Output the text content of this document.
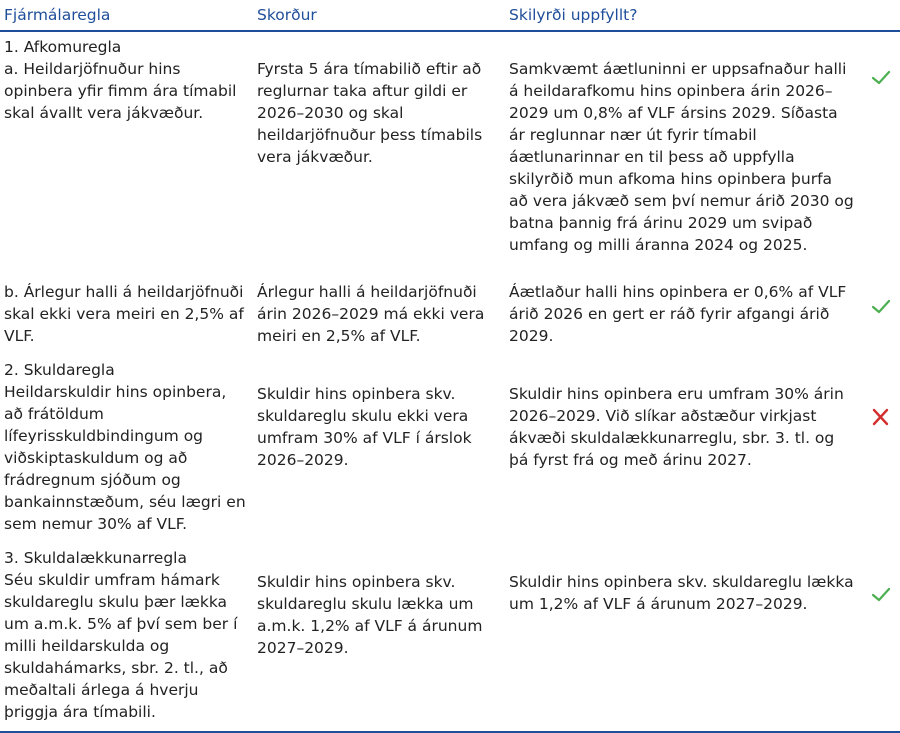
Fjármálaregla	Skorður	Skilyrði uppfyllt?
1. Afkomuregla
a. Heildarjöfnuður hins opinbera yfir fimm ára tímabil skal ávallt vera jákvæður.
Fyrsta 5 ára tímabilið eftir að reglurnar taka aftur gildi er 2026–2030 og skal heildarjöfnuður þess tímabils vera jákvæður.
Samkvæmt áætluninni er uppsafnaður halli á heildarafkomu hins opinbera árin 2026–2029 um 0,8% af VLF ársins 2029. Síðasta ár reglunnar nær út fyrir tímabil áætlunarinnar en til þess að uppfylla skilyrðið mun afkoma hins opinbera þurfa að vera jákvæð sem því nemur árið 2030 og batna þannig frá árinu 2029 um svipað umfang og milli áranna 2024 og 2025.
b. Árlegur halli á heildarjöfnuði skal ekki vera meiri en 2,5% af VLF.
Árlegur halli á heildarjöfnuði árin 2026–2029 má ekki vera meiri en 2,5% af VLF.
Áætlaður halli hins opinbera er 0,6% af VLF árið 2026 en gert er ráð fyrir afgangi árið 2029.
2. Skuldaregla
Heildarskuldir hins opinbera, að frátöldum lífeyrisskuldbindingum og viðskiptaskuldum og að frádregnum sjóðum og bankainnstæðum, séu lægri en sem nemur 30% af VLF.
Skuldir hins opinbera skv. skuldareglu skulu ekki vera umfram 30% af VLF í árslok 2026–2029.
Skuldir hins opinbera eru umfram 30% árin 2026–2029. Við slíkar aðstæður virkjast ákvæði skuldalækkunarreglu, sbr. 3. tl. og þá fyrst frá og með árinu 2027.
3. Skuldalækkunarregla
Séu skuldir umfram hámark skuldareglu skulu þær lækka um a.m.k. 5% af því sem ber í milli heildarskulda og skuldahámarks, sbr. 2. tl., að meðaltali árlega á hverju þriggja ára tímabili.
Skuldir hins opinbera skv. skuldareglu skulu lækka um a.m.k. 1,2% af VLF á árunum 2027–2029.
Skuldir hins opinbera skv. skuldareglu lækka um 1,2% af VLF á árunum 2027–2029.
